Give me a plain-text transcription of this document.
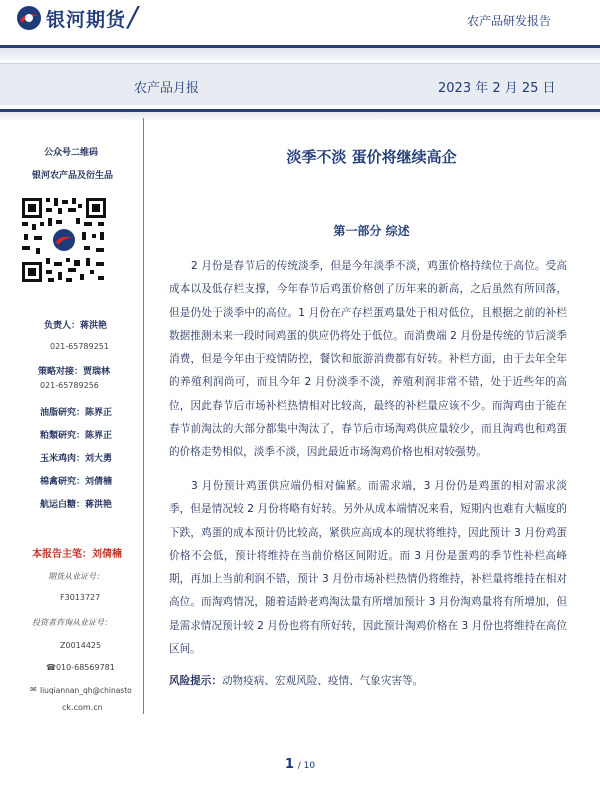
银河期货 /	农产品研发报告
农产品月报	2023 年 2 月 25 日
公众号二维码
银河农产品及衍生品
负责人：蒋洪艳
021-65789251
策略对接：贾瑞林
021-65789256
油脂研究：陈界正
粕類研究：陈界正
玉米鸡肉：刘大勇
棉禽研究：刘倩楠
航运白糖：蒋洪艳
本报告主笔：刘倩楠
期货从业证号：
F3013727
投资者咨询从业证号：
Z0014425
☎010-68569781
✉ liuqiannan_qh@chinasto
ck.com.cn
淡季不淡 蛋价将继续高企
第一部分 综述
2 月份是春节后的传统淡季，但是今年淡季不淡，鸡蛋价格持续位于高位。受高成本以及低存栏支撑，今年春节后鸡蛋价格创了历年来的新高，之后虽然有所回落，但是仍处于淡季中的高位。1 月份在产存栏蛋鸡量处于相对低位，且根据之前的补栏数据推测未来一段时间鸡蛋的供应仍将处于低位。而消费端 2 月份是传统的节后淡季消费，但是今年由于疫情防控，餐饮和旅游消费都有好转。补栏方面，由于去年全年的养殖利润尚可，而且今年 2 月份淡季不淡，养殖利润非常不错，处于近些年的高位，因此春节后市场补栏热情相对比较高，最终的补栏量应该不少。而淘鸡由于能在春节前淘汰的大部分都集中淘汰了，春节后市场淘鸡供应量较少，而且淘鸡也和鸡蛋的价格走势相似，淡季不淡，因此最近市场淘鸡价格也相对较强势。
3 月份预计鸡蛋供应端仍相对偏紧。而需求端，3 月份仍是鸡蛋的相对需求淡季，但是情况较 2 月份将略有好转。另外从成本端情况来看，短期内也难有大幅度的下跌，鸡蛋的成本预计仍比较高，紧供应高成本的现状将维持，因此预计 3 月份鸡蛋价格不会低，预计将维持在当前价格区间附近。而 3 月份是蛋鸡的季节性补栏高峰期，再加上当前利润不错，预计 3 月份市场补栏热情仍将维持，补栏量将维持在相对高位。而淘鸡情况，随着适龄老鸡淘汰量有所增加预计 3 月份淘鸡量将有所增加，但是需求情况预计较 2 月份也将有所好转，因此预计淘鸡价格在 3 月份也将维持在高位区间。
风险提示：动物疫病、宏观风险、疫情、气象灾害等。
1 / 10
